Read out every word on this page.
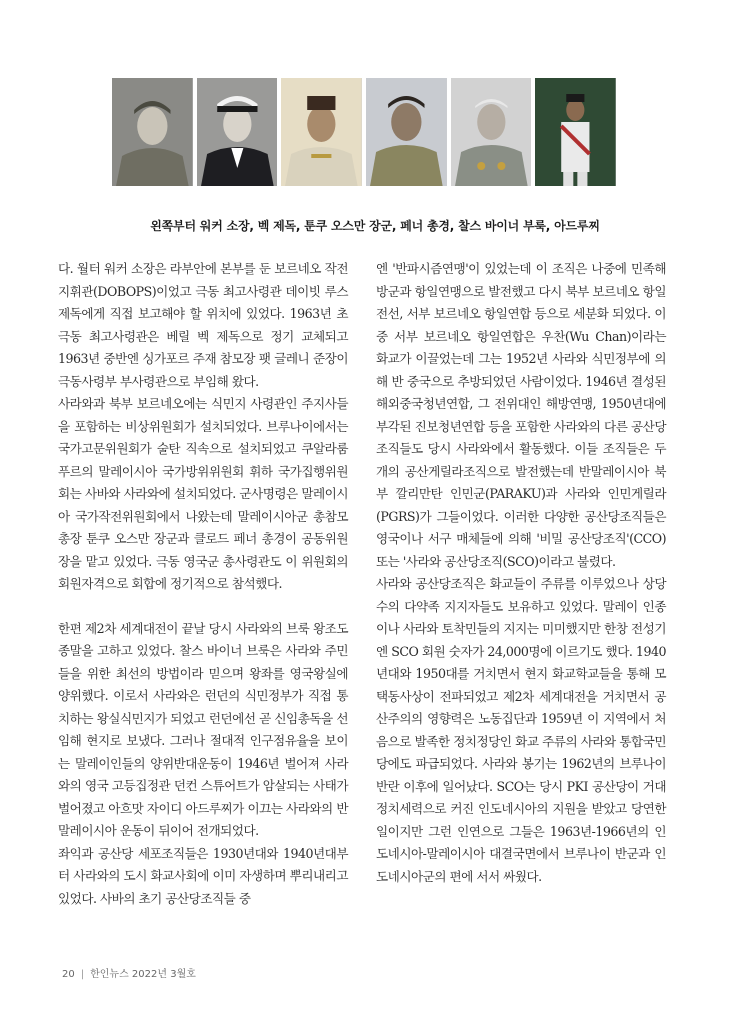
왼쪽부터 워커 소장, 벡 제독, 툰쿠 오스만 장군, 페너 총경, 찰스 바이너 부룩, 아드루찌

다. 월터 워커 소장은 라부안에 본부를 둔 보르네오 작전 지휘관(DOBOPS)이었고 극동 최고사령관 데이빗 루스 제독에게 직접 보고해야 할 위치에 있었다. 1963년 초 극동 최고사령관은 베릴 벡 제독으로 정기 교체되고 1963년 중반엔 싱가포르 주재 참모장 팻 글레니 준장이 극동사령부 부사령관으로 부임해 왔다.

사라와과 북부 보르네오에는 식민지 사령관인 주지사들을 포함하는 비상위원회가 설치되었다. 브루나이에서는 국가고문위원회가 술탄 직속으로 설치되었고 쿠알라룸푸르의 말레이시아 국가방위위원회 휘하 국가집행위원회는 사바와 사라와에 설치되었다. 군사명령은 말레이시아 국가작전위원회에서 나왔는데 말레이시아군 총참모총장 툰쿠 오스만 장군과 클로드 페너 총경이 공동위원장을 맡고 있었다. 극동 영국군 총사령관도 이 위원회의 회원자격으로 회합에 정기적으로 참석했다.

한편 제2차 세계대전이 끝날 당시 사라와의 브룩 왕조도 종말을 고하고 있었다. 찰스 바이너 브룩은 사라와 주민들을 위한 최선의 방법이라 믿으며 왕좌를 영국왕실에 양위했다. 이로서 사라와은 런던의 식민정부가 직접 통치하는 왕실식민지가 되었고 런던에선 곧 신임총독을 선임해 현지로 보냈다. 그러나 절대적 인구점유율을 보이는 말레이인들의 양위반대운동이 1946년 벌어져 사라와의 영국 고등집정관 던컨 스튜어트가 암살되는 사태가 벌어졌고 아흐맛 자이디 아드루찌가 이끄는 사라와의 반 말레이시아 운동이 뒤이어 전개되었다.

좌익과 공산당 세포조직들은 1930년대와 1940년대부터 사라와의 도시 화교사회에 이미 자생하며 뿌리내리고 있었다. 사바의 초기 공산당조직들 중

엔 '반파시즘연맹'이 있었는데 이 조직은 나중에 민족해방군과 항일연맹으로 발전했고 다시 북부 보르네오 항일전선, 서부 보르네오 항일연합 등으로 세분화 되었다. 이중 서부 보르네오 항일연합은 우찬(Wu Chan)이라는 화교가 이끌었는데 그는 1952년 사라와 식민정부에 의해 반 중국으로 추방되었던 사람이었다. 1946년 결성된 해외중국청년연합, 그 전위대인 해방연맹, 1950년대에 부각된 진보청년연합 등을 포함한 사라와의 다른 공산당 조직들도 당시 사라와에서 활동했다. 이들 조직들은 두 개의 공산게릴라조직으로 발전했는데 반말레이시아 북부 깔리만탄 인민군(PARAKU)과 사라와 인민게릴라(PGRS)가 그들이었다. 이러한 다양한 공산당조직들은 영국이나 서구 매체들에 의해 '비밀 공산당조직'(CCO) 또는 '사라와 공산당조직(SCO)이라고 불렸다.

사라와 공산당조직은 화교들이 주류를 이루었으나 상당수의 다약족 지지자들도 보유하고 있었다. 말레이 인종이나 사라와 토착민들의 지지는 미미했지만 한창 전성기엔 SCO 회원 숫자가 24,000명에 이르기도 했다. 1940년대와 1950대를 거치면서 현지 화교학교들을 통해 모택동사상이 전파되었고 제2차 세계대전을 거치면서 공산주의의 영향력은 노동집단과 1959년 이 지역에서 처음으로 발족한 정치정당인 화교 주류의 사라와 통합국민당에도 파급되었다. 사라와 봉기는 1962년의 브루나이 반란 이후에 일어났다. SCO는 당시 PKI 공산당이 거대 정치세력으로 커진 인도네시아의 지원을 받았고 당연한 일이지만 그런 인연으로 그들은 1963년-1966년의 인도네시아-말레이시아 대결국면에서 브루나이 반군과 인도네시아군의 편에 서서 싸웠다.

20 | 한인뉴스 2022년 3월호
